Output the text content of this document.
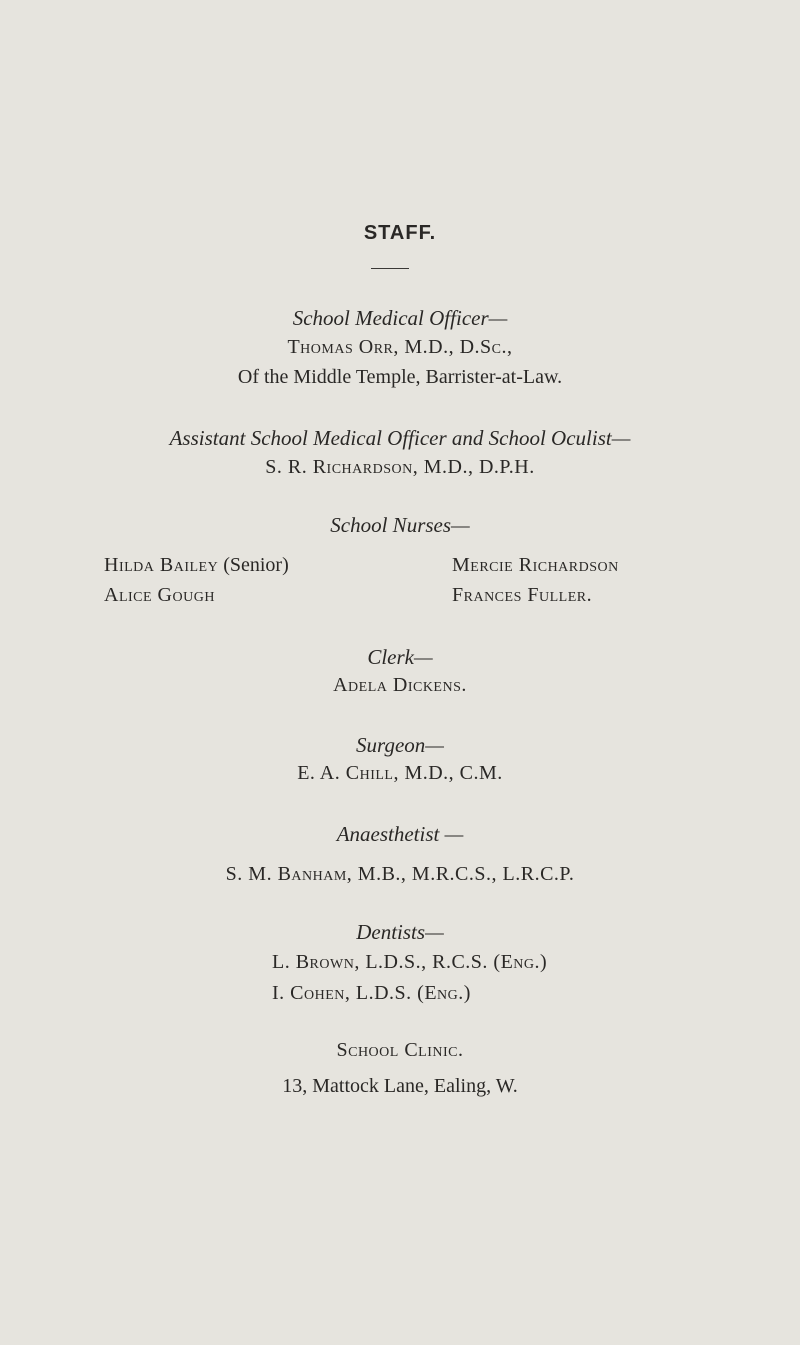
STAFF.
School Medical Officer—
Thomas Orr, M.D., D.Sc.,
Of the Middle Temple, Barrister-at-Law.
Assistant School Medical Officer and School Oculist—
S. R. Richardson, M.D., D.P.H.
School Nurses—
Hilda Bailey (Senior)
Alice Gough
Mercie Richardson
Frances Fuller.
Clerk—
Adela Dickens.
Surgeon—
E. A. Chill, M.D., C.M.
Anaesthetist —
S. M. Banham, M.B., M.R.C.S., L.R.C.P.
Dentists—
L. Brown, L.D.S., R.C.S. (Eng.)
I. Cohen, L.D.S. (Eng.)
School Clinic.
13, Mattock Lane, Ealing, W.
